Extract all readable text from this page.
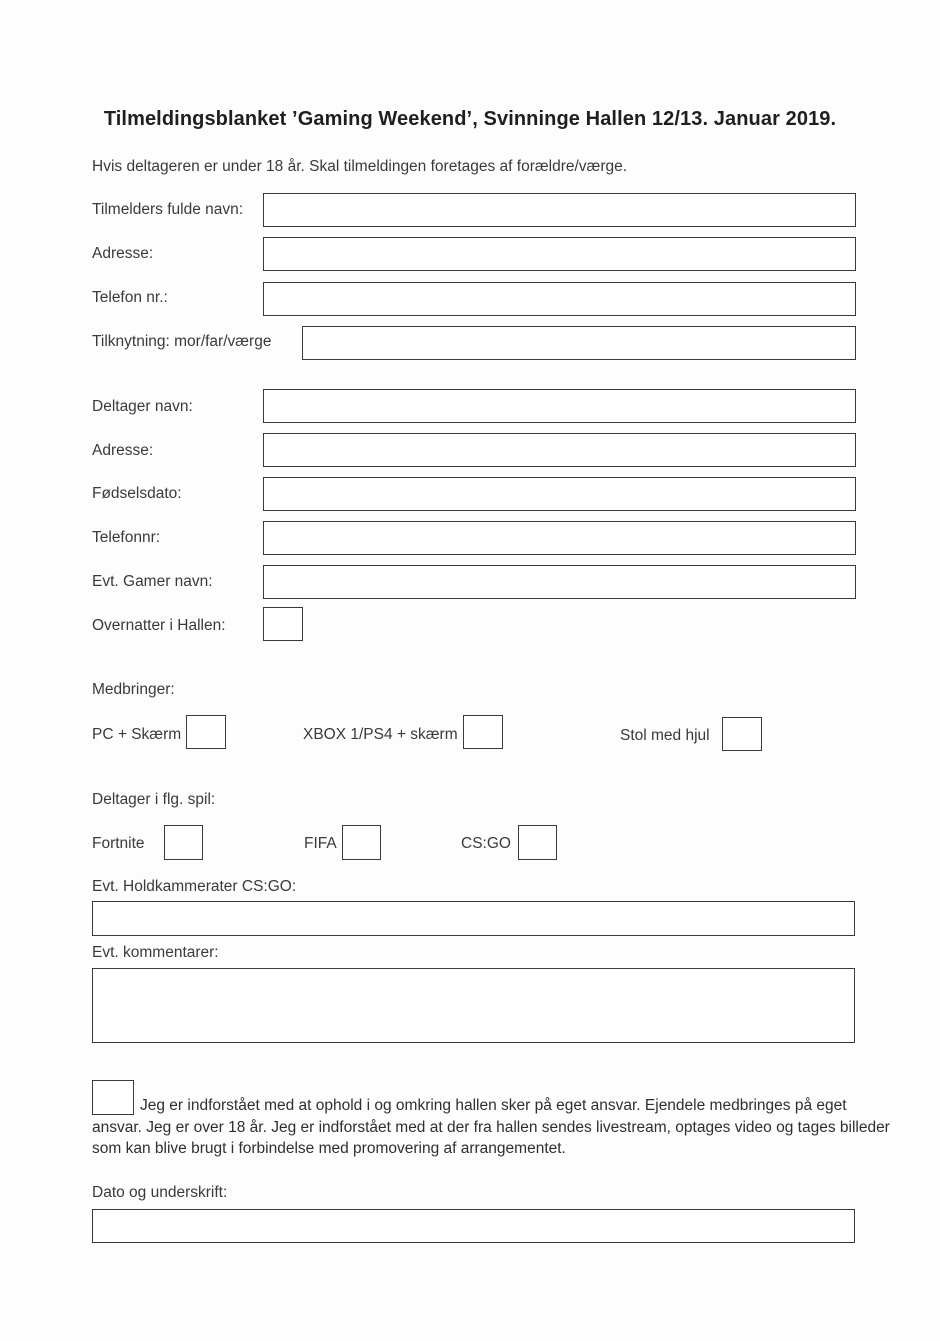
Tilmeldingsblanket ’Gaming Weekend’, Svinninge Hallen 12/13. Januar 2019.
Hvis deltageren er under 18 år. Skal tilmeldingen foretages af forældre/værge.
Tilmelders fulde navn:
Adresse:
Telefon nr.:
Tilknytning: mor/far/værge
Deltager navn:
Adresse:
Fødselsdato:
Telefonnr:
Evt. Gamer navn:
Overnatter i Hallen:
Medbringer:
PC + Skærm	XBOX 1/PS4 + skærm	Stol med hjul
Deltager i flg. spil:
Fortnite	FIFA	CS:GO
Evt. Holdkammerater CS:GO:
Evt. kommentarer:
Jeg er indforstået med at ophold i og omkring hallen sker på eget ansvar. Ejendele medbringes på eget ansvar. Jeg er over 18 år. Jeg er indforstået med at der fra hallen sendes livestream, optages video og tages billeder som kan blive brugt i forbindelse med promovering af arrangementet.
Dato og underskrift:
